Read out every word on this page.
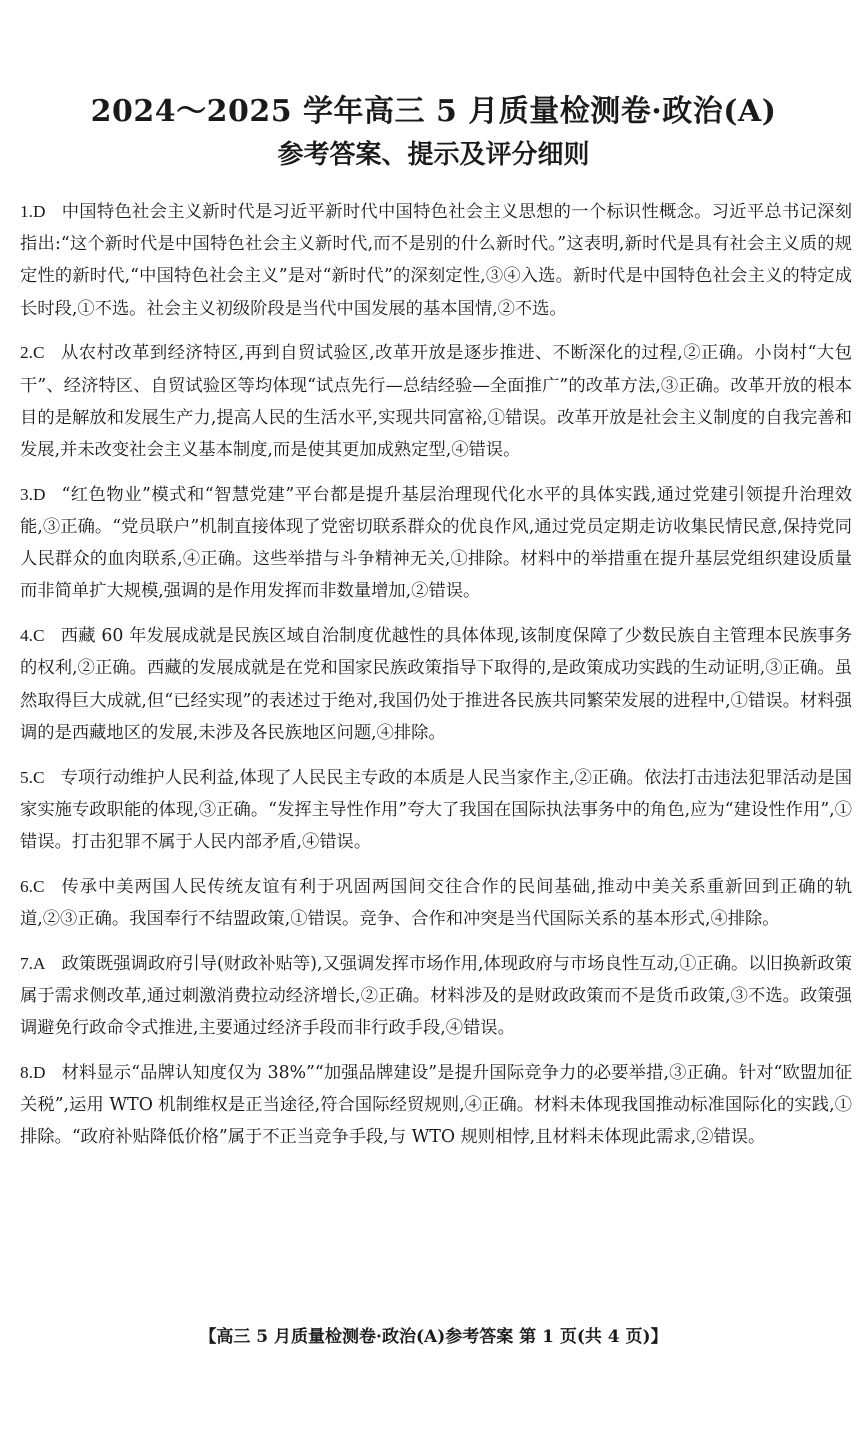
2024～2025 学年高三 5 月质量检测卷·政治(A)
参考答案、提示及评分细则
1.D 中国特色社会主义新时代是习近平新时代中国特色社会主义思想的一个标识性概念。习近平总书记深刻指出:“这个新时代是中国特色社会主义新时代,而不是别的什么新时代。”这表明,新时代是具有社会主义质的规定性的新时代,“中国特色社会主义”是对“新时代”的深刻定性,③④入选。新时代是中国特色社会主义的特定成长时段,①不选。社会主义初级阶段是当代中国发展的基本国情,②不选。
2.C 从农村改革到经济特区,再到自贸试验区,改革开放是逐步推进、不断深化的过程,②正确。小岗村“大包干”、经济特区、自贸试验区等均体现“试点先行—总结经验—全面推广”的改革方法,③正确。改革开放的根本目的是解放和发展生产力,提高人民的生活水平,实现共同富裕,①错误。改革开放是社会主义制度的自我完善和发展,并未改变社会主义基本制度,而是使其更加成熟定型,④错误。
3.D “红色物业”模式和“智慧党建”平台都是提升基层治理现代化水平的具体实践,通过党建引领提升治理效能,③正确。“党员联户”机制直接体现了党密切联系群众的优良作风,通过党员定期走访收集民情民意,保持党同人民群众的血肉联系,④正确。这些举措与斗争精神无关,①排除。材料中的举措重在提升基层党组织建设质量而非简单扩大规模,强调的是作用发挥而非数量增加,②错误。
4.C 西藏 60 年发展成就是民族区域自治制度优越性的具体体现,该制度保障了少数民族自主管理本民族事务的权利,②正确。西藏的发展成就是在党和国家民族政策指导下取得的,是政策成功实践的生动证明,③正确。虽然取得巨大成就,但“已经实现”的表述过于绝对,我国仍处于推进各民族共同繁荣发展的进程中,①错误。材料强调的是西藏地区的发展,未涉及各民族地区问题,④排除。
5.C 专项行动维护人民利益,体现了人民民主专政的本质是人民当家作主,②正确。依法打击违法犯罪活动是国家实施专政职能的体现,③正确。“发挥主导性作用”夸大了我国在国际执法事务中的角色,应为“建设性作用”,①错误。打击犯罪不属于人民内部矛盾,④错误。
6.C 传承中美两国人民传统友谊有利于巩固两国间交往合作的民间基础,推动中美关系重新回到正确的轨道,②③正确。我国奉行不结盟政策,①错误。竞争、合作和冲突是当代国际关系的基本形式,④排除。
7.A 政策既强调政府引导(财政补贴等),又强调发挥市场作用,体现政府与市场良性互动,①正确。以旧换新政策属于需求侧改革,通过刺激消费拉动经济增长,②正确。材料涉及的是财政政策而不是货币政策,③不选。政策强调避免行政命令式推进,主要通过经济手段而非行政手段,④错误。
8.D 材料显示“品牌认知度仅为 38%”“加强品牌建设”是提升国际竞争力的必要举措,③正确。针对“欧盟加征关税”,运用 WTO 机制维权是正当途径,符合国际经贸规则,④正确。材料未体现我国推动标准国际化的实践,①排除。“政府补贴降低价格”属于不正当竞争手段,与 WTO 规则相悖,且材料未体现此需求,②错误。
【高三 5 月质量检测卷·政治(A)参考答案 第 1 页(共 4 页)】
